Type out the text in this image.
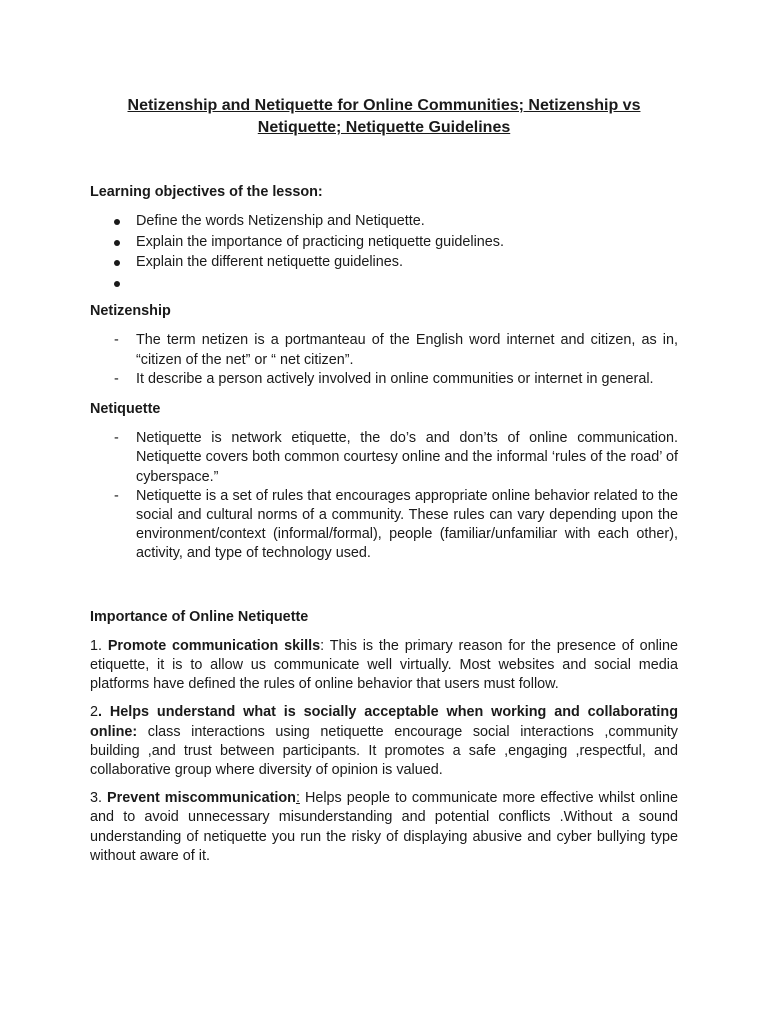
Netizenship and Netiquette for Online Communities; Netizenship vs
Netiquette; Netiquette Guidelines

Learning objectives of the lesson:

Define the words Netizenship and Netiquette.
Explain the importance of practicing netiquette guidelines.
Explain the different netiquette guidelines.

Netizenship

- The term netizen is a portmanteau of the English word internet and citizen, as in, “citizen of the net” or “ net citizen”.
- It describe a person actively involved in online communities or internet in general.

Netiquette

- Netiquette is network etiquette, the do’s and don’ts of online communication. Netiquette covers both common courtesy online and the informal ‘rules of the road’ of cyberspace.”
- Netiquette is a set of rules that encourages appropriate online behavior related to the social and cultural norms of a community. These rules can vary depending upon the environment/context (informal/formal), people (familiar/unfamiliar with each other), activity, and type of technology used.

Importance of Online Netiquette

1. Promote communication skills: This is the primary reason for the presence of online etiquette, it is to allow us communicate well virtually. Most websites and social media platforms have defined the rules of online behavior that users must follow.

2. Helps understand what is socially acceptable when working and collaborating online: class interactions using netiquette encourage social interactions ,community building ,and trust between participants. It promotes a safe ,engaging ,respectful, and collaborative group where diversity of opinion is valued.

3. Prevent miscommunication: Helps people to communicate more effective whilst online and to avoid unnecessary misunderstanding and potential conflicts .Without a sound understanding of netiquette you run the risky of displaying abusive and cyber bullying type without aware of it.
